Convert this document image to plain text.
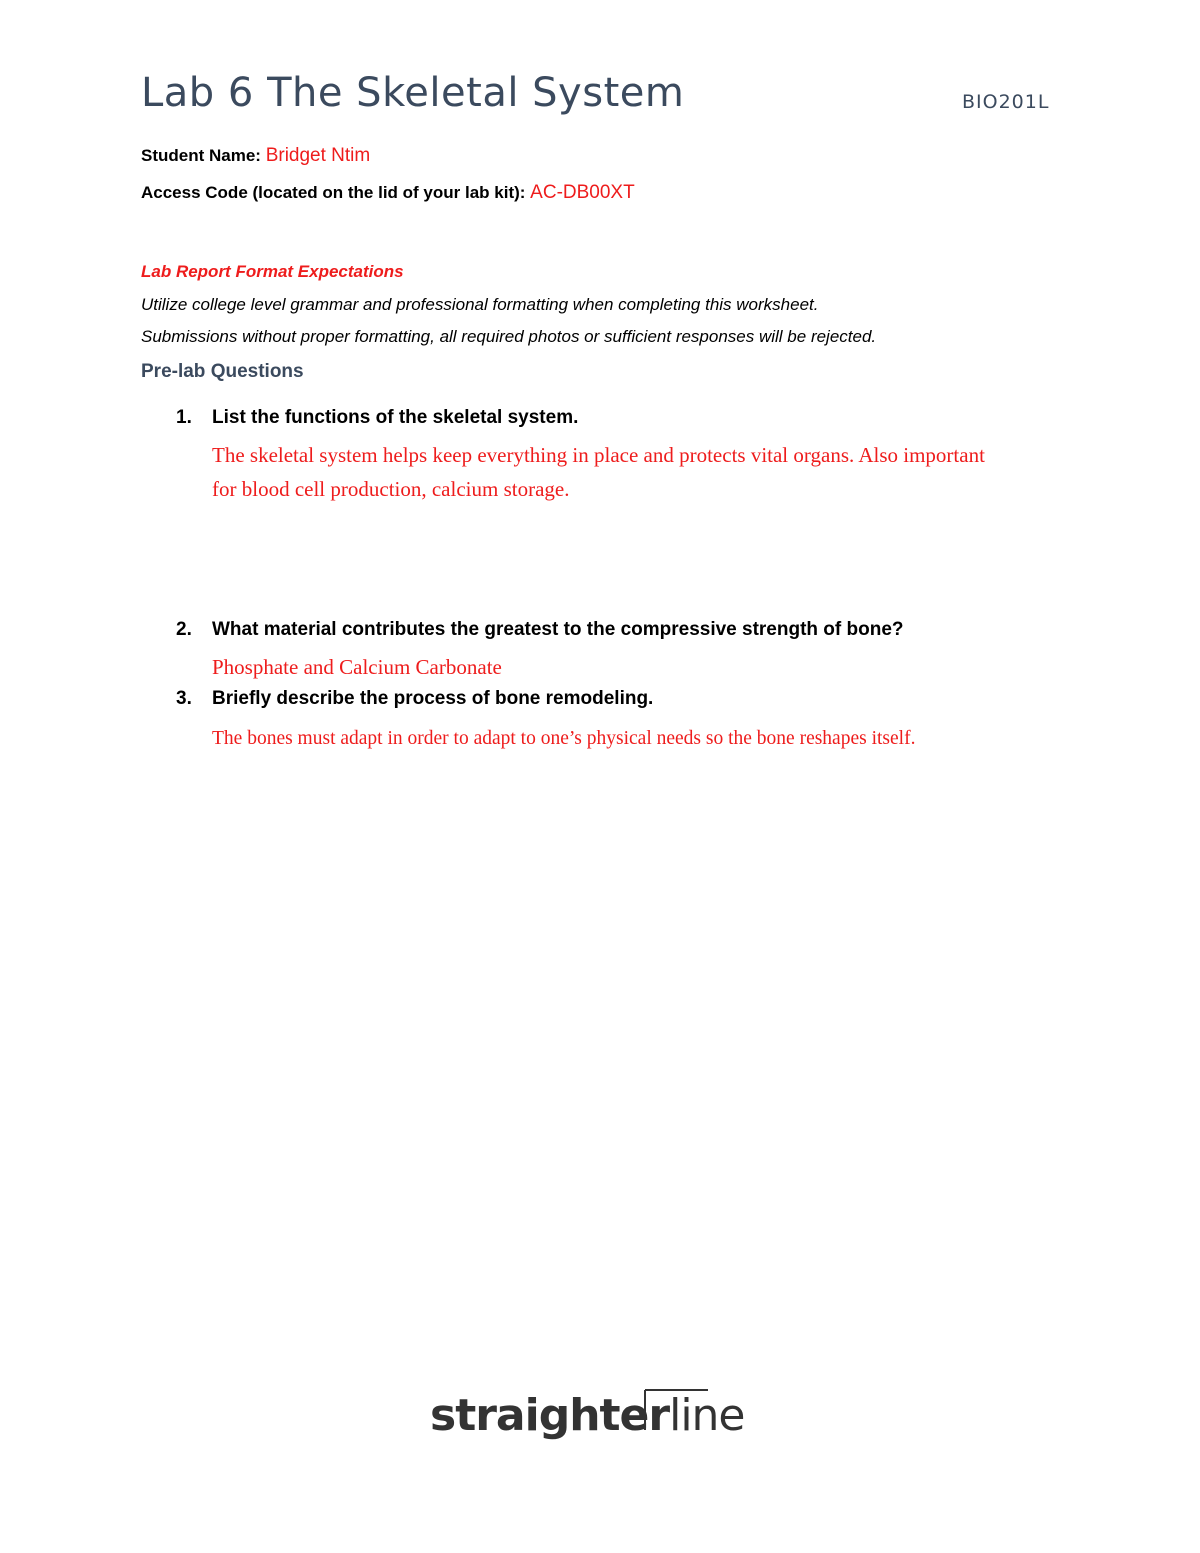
Lab 6 The Skeletal System	BIO201L
Student Name: Bridget Ntim
Access Code (located on the lid of your lab kit): AC-DB00XT
Lab Report Format Expectations
Utilize college level grammar and professional formatting when completing this worksheet.
Submissions without proper formatting, all required photos or sufficient responses will be rejected.
Pre-lab Questions
1. List the functions of the skeletal system.
The skeletal system helps keep everything in place and protects vital organs. Also important for blood cell production, calcium storage.
2. What material contributes the greatest to the compressive strength of bone?
Phosphate and Calcium Carbonate
3. Briefly describe the process of bone remodeling.
The bones must adapt in order to adapt to one’s physical needs so the bone reshapes itself.
straighterline
